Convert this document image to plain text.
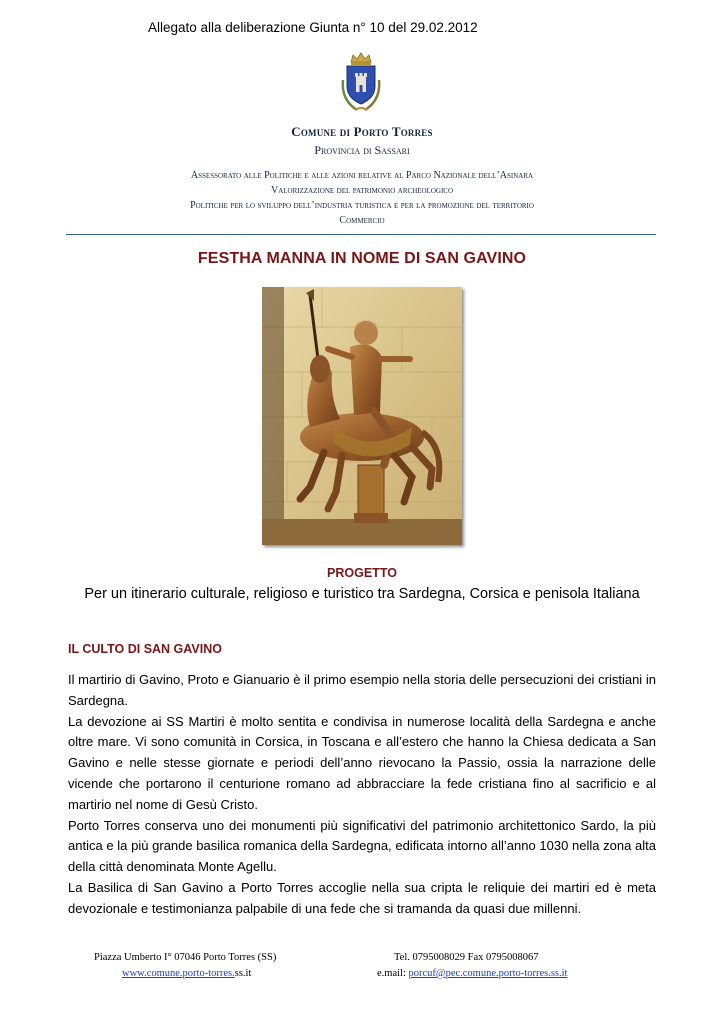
Allegato alla deliberazione Giunta n° 10 del 29.02.2012
Comune di Porto Torres
Provincia di Sassari
Assessorato alle Politiche e alle azioni relative al Parco Nazionale dell’Asinara
Valorizzazione del patrimonio archeologico
Politiche per lo sviluppo dell’industria turistica e per la promozione del territorio
Commercio
FESTHA MANNA IN NOME DI SAN GAVINO
PROGETTO
Per un itinerario culturale, religioso e turistico tra Sardegna, Corsica e penisola Italiana
IL CULTO DI SAN GAVINO

Il martirio di Gavino, Proto e Gianuario è il primo esempio nella storia delle persecuzioni dei cristiani in Sardegna.

La devozione ai SS Martiri è molto sentita e condivisa in numerose località della Sardegna e anche oltre mare. Vi sono comunità in Corsica, in Toscana e all’estero che hanno la Chiesa dedicata a San Gavino e nelle stesse giornate e periodi dell’anno rievocano la Passio, ossia la narrazione delle vicende che portarono il centurione romano ad abbracciare la fede cristiana fino al sacrificio e al martirio nel nome di Gesù Cristo.

Porto Torres conserva uno dei monumenti più significativi del patrimonio architettonico Sardo, la più antica e la più grande basilica romanica della Sardegna, edificata intorno all’anno 1030 nella zona alta della città denominata Monte Agellu.

La Basilica di San Gavino a Porto Torres accoglie nella sua cripta le reliquie dei martiri ed è meta devozionale e testimonianza palpabile di una fede che si tramanda da quasi due millenni.

Piazza Umberto I° 07046 Porto Torres (SS)
www.comune.porto-torres.ss.it
Tel. 0795008029 Fax 0795008067
e.mail: porcuf@pec.comune.porto-torres.ss.it
